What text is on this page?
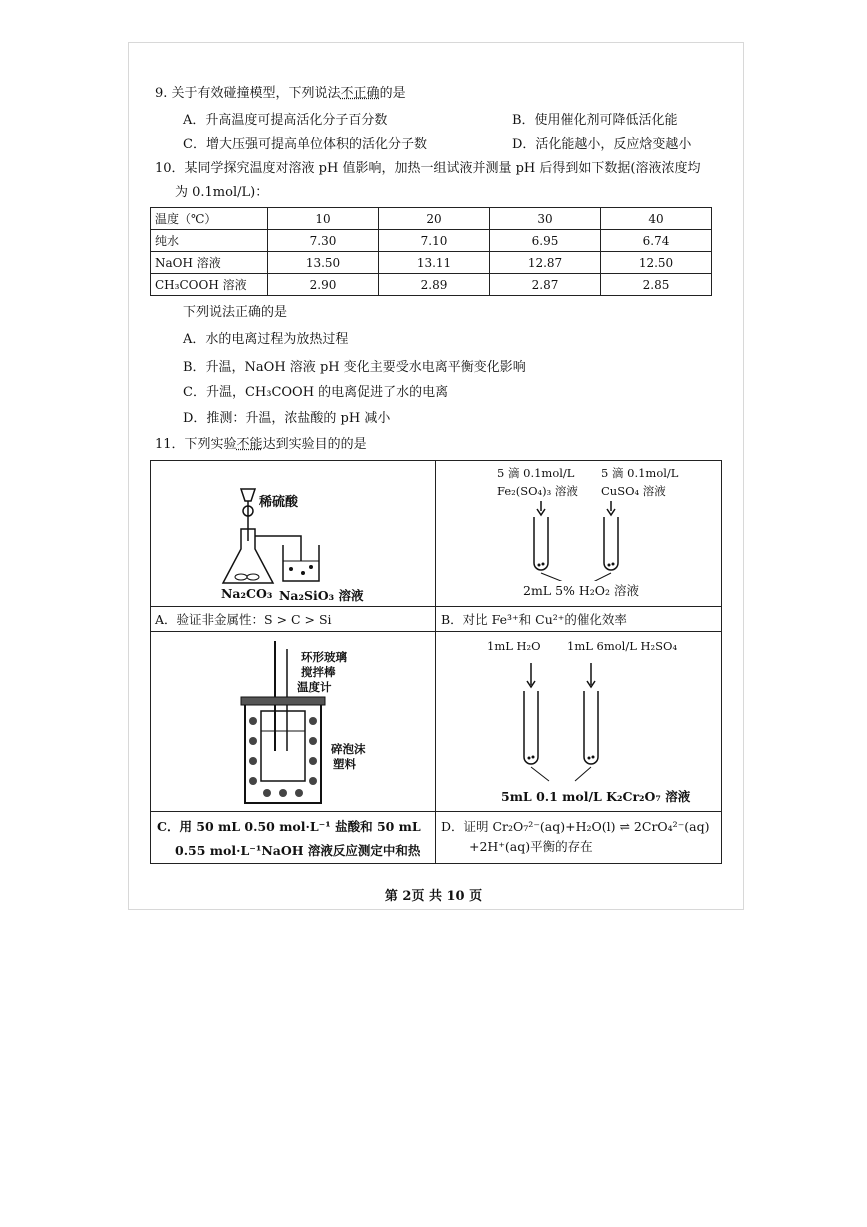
9. 关于有效碰撞模型，下列说法不正确的是
A．升高温度可提高活化分子百分数	B．使用催化剂可降低活化能
C．增大压强可提高单位体积的活化分子数	D．活化能越小，反应焓变越小
10．某同学探究温度对溶液 pH 值影响，加热一组试液并测量 pH 后得到如下数据(溶液浓度均
为 0.1mol/L)：
温度（℃）	10	20	30	40
纯水	7.30	7.10	6.95	6.74
NaOH 溶液	13.50	13.11	12.87	12.50
CH₃COOH 溶液	2.90	2.89	2.87	2.85
下列说法正确的是
A．水的电离过程为放热过程
B．升温，NaOH 溶液 pH 变化主要受水电离平衡变化影响
C．升温，CH₃COOH 的电离促进了水的电离
D．推测：升温，浓盐酸的 pH 减小
11．下列实验不能达到实验目的的是
稀硫酸
Na₂CO₃ Na₂SiO₃ 溶液
5 滴 0.1mol/L
Fe₂(SO₄)₃ 溶液
5 滴 0.1mol/L
CuSO₄ 溶液
2mL 5% H₂O₂ 溶液
A．验证非金属性：S > C > Si	B．对比 Fe³⁺和 Cu²⁺的催化效率
环形玻璃
搅拌棒
温度计
碎泡沫
塑料
1mL H₂O 1mL 6mol/L H₂SO₄
5mL 0.1 mol/L K₂Cr₂O₇ 溶液
C．用 50 mL 0.50 mol·L⁻¹ 盐酸和 50 mL
0.55 mol·L⁻¹NaOH 溶液反应测定中和热
D．证明 Cr₂O₇²⁻(aq)+H₂O(l) ⇌ 2CrO₄²⁻(aq)
+2H⁺(aq)平衡的存在
第 2页 共 10 页
